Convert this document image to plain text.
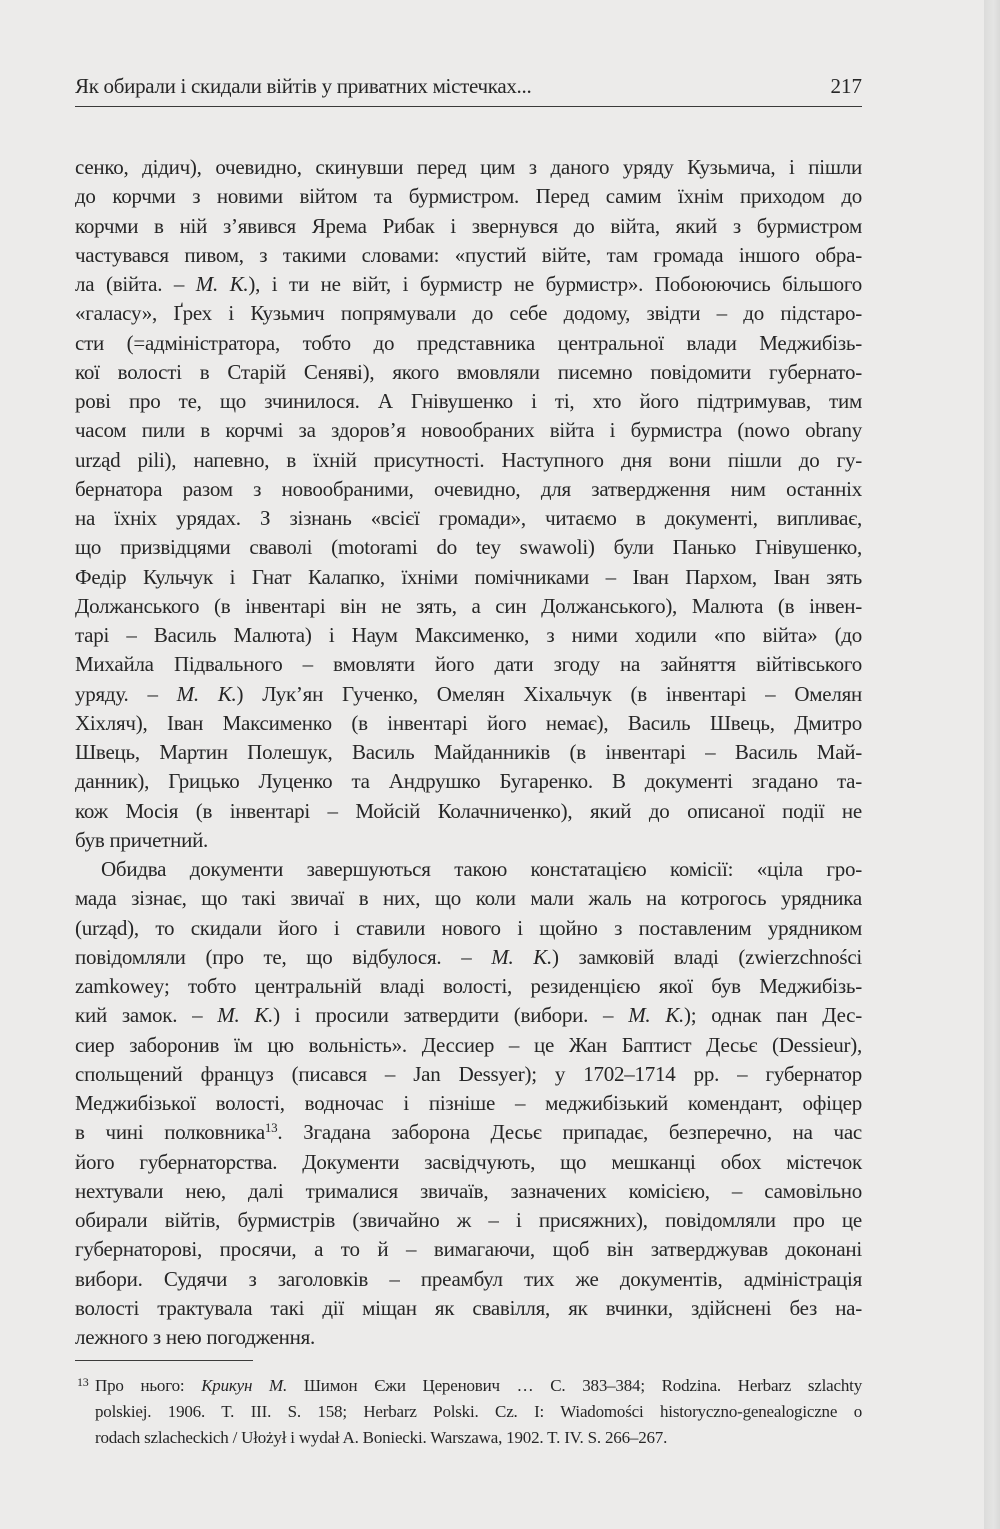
Як обирали і скидали війтів у приватних містечках...	217
сенко, дідич), очевидно, скинувши перед цим з даного уряду Кузьмича, і пішли
до корчми з новими війтом та бурмистром. Перед самим їхнім приходом до
корчми в ній з’явився Ярема Рибак і звернувся до війта, який з бурмистром
частувався пивом, з такими словами: «пустий війте, там громада іншого обра-
ла (війта. – М. К.), і ти не війт, і бурмистр не бурмистр». Побоюючись більшого
«галасу», Ґрех і Кузьмич попрямували до себе додому, звідти – до підстаро-
сти (=адміністратора, тобто до представника центральної влади Меджибізь-
кої волості в Старій Сеняві), якого вмовляли писемно повідомити губернато-
рові про те, що зчинилося. А Гнівушенко і ті, хто його підтримував, тим
часом пили в корчмі за здоров’я новообраних війта і бурмистра (nowo obrany
urząd pili), напевно, в їхній присутності. Наступного дня вони пішли до гу-
бернатора разом з новообраними, очевидно, для затвердження ним останніх
на їхніх урядах. З зізнань «всієї громади», читаємо в документі, випливає,
що призвідцями сваволі (motorami do tey swawoli) були Панько Гнівушенко,
Федір Кульчук і Гнат Калапко, їхніми помічниками – Іван Пархом, Іван зять
Должанського (в інвентарі він не зять, а син Должанського), Малюта (в інвен-
тарі – Василь Малюта) і Наум Максименко, з ними ходили «по війта» (до
Михайла Підвального – вмовляти його дати згоду на зайняття війтівського
уряду. – М. К.) Лук’ян Гученко, Омелян Хіхальчук (в інвентарі – Омелян
Хіхляч), Іван Максименко (в інвентарі його немає), Василь Швець, Дмитро
Швець, Мартин Полешук, Василь Майданників (в інвентарі – Василь Май-
данник), Грицько Луценко та Андрушко Бугаренко. В документі згадано та-
кож Мосія (в інвентарі – Мойсій Колачниченко), який до описаної події не
був причетний.
Обидва документи завершуються такою констатацією комісії: «ціла гро-
мада зізнає, що такі звичаї в них, що коли мали жаль на котрогось урядника
(urząd), то скидали його і ставили нового і щойно з поставленим урядником
повідомляли (про те, що відбулося. – М. К.) замковій владі (zwierzchności
zamkowey; тобто центральній владі волості, резиденцією якої був Меджибізь-
кий замок. – М. К.) і просили затвердити (вибори. – М. К.); однак пан Дес-
сиер заборонив їм цю вольність». Дессиер – це Жан Баптист Десьє (Dessieur),
спольщений француз (писався – Jan Dessyer); у 1702–1714 рр. – губернатор
Меджибізької волості, водночас і пізніше – меджибізький комендант, офіцер
в чині полковника$^{13}$. Згадана заборона Десьє припадає, безперечно, на час
його губернаторства. Документи засвідчують, що мешканці обох містечок
нехтували нею, далі трималися звичаїв, зазначених комісією, – самовільно
обирали війтів, бурмистрів (звичайно ж – і присяжних), повідомляли про це
губернаторові, просячи, а то й – вимагаючи, щоб він затверджував доконані
вибори. Судячи з заголовків – преамбул тих же документів, адміністрація
волості трактувала такі дії міщан як свавілля, як вчинки, здійснені без на-
лежного з нею погодження.
13 Про нього: Крикун М. Шимон Єжи Церенович … С. 383–384; Rodzina. Herbarz szlachty
polskiej. 1906. T. III. S. 158; Herbarz Polski. Cz. I: Wiadomości historyczno-genealogiczne o
rodach szlacheckich / Ułożył i wydał A. Boniecki. Warszawa, 1902. T. IV. S. 266–267.
